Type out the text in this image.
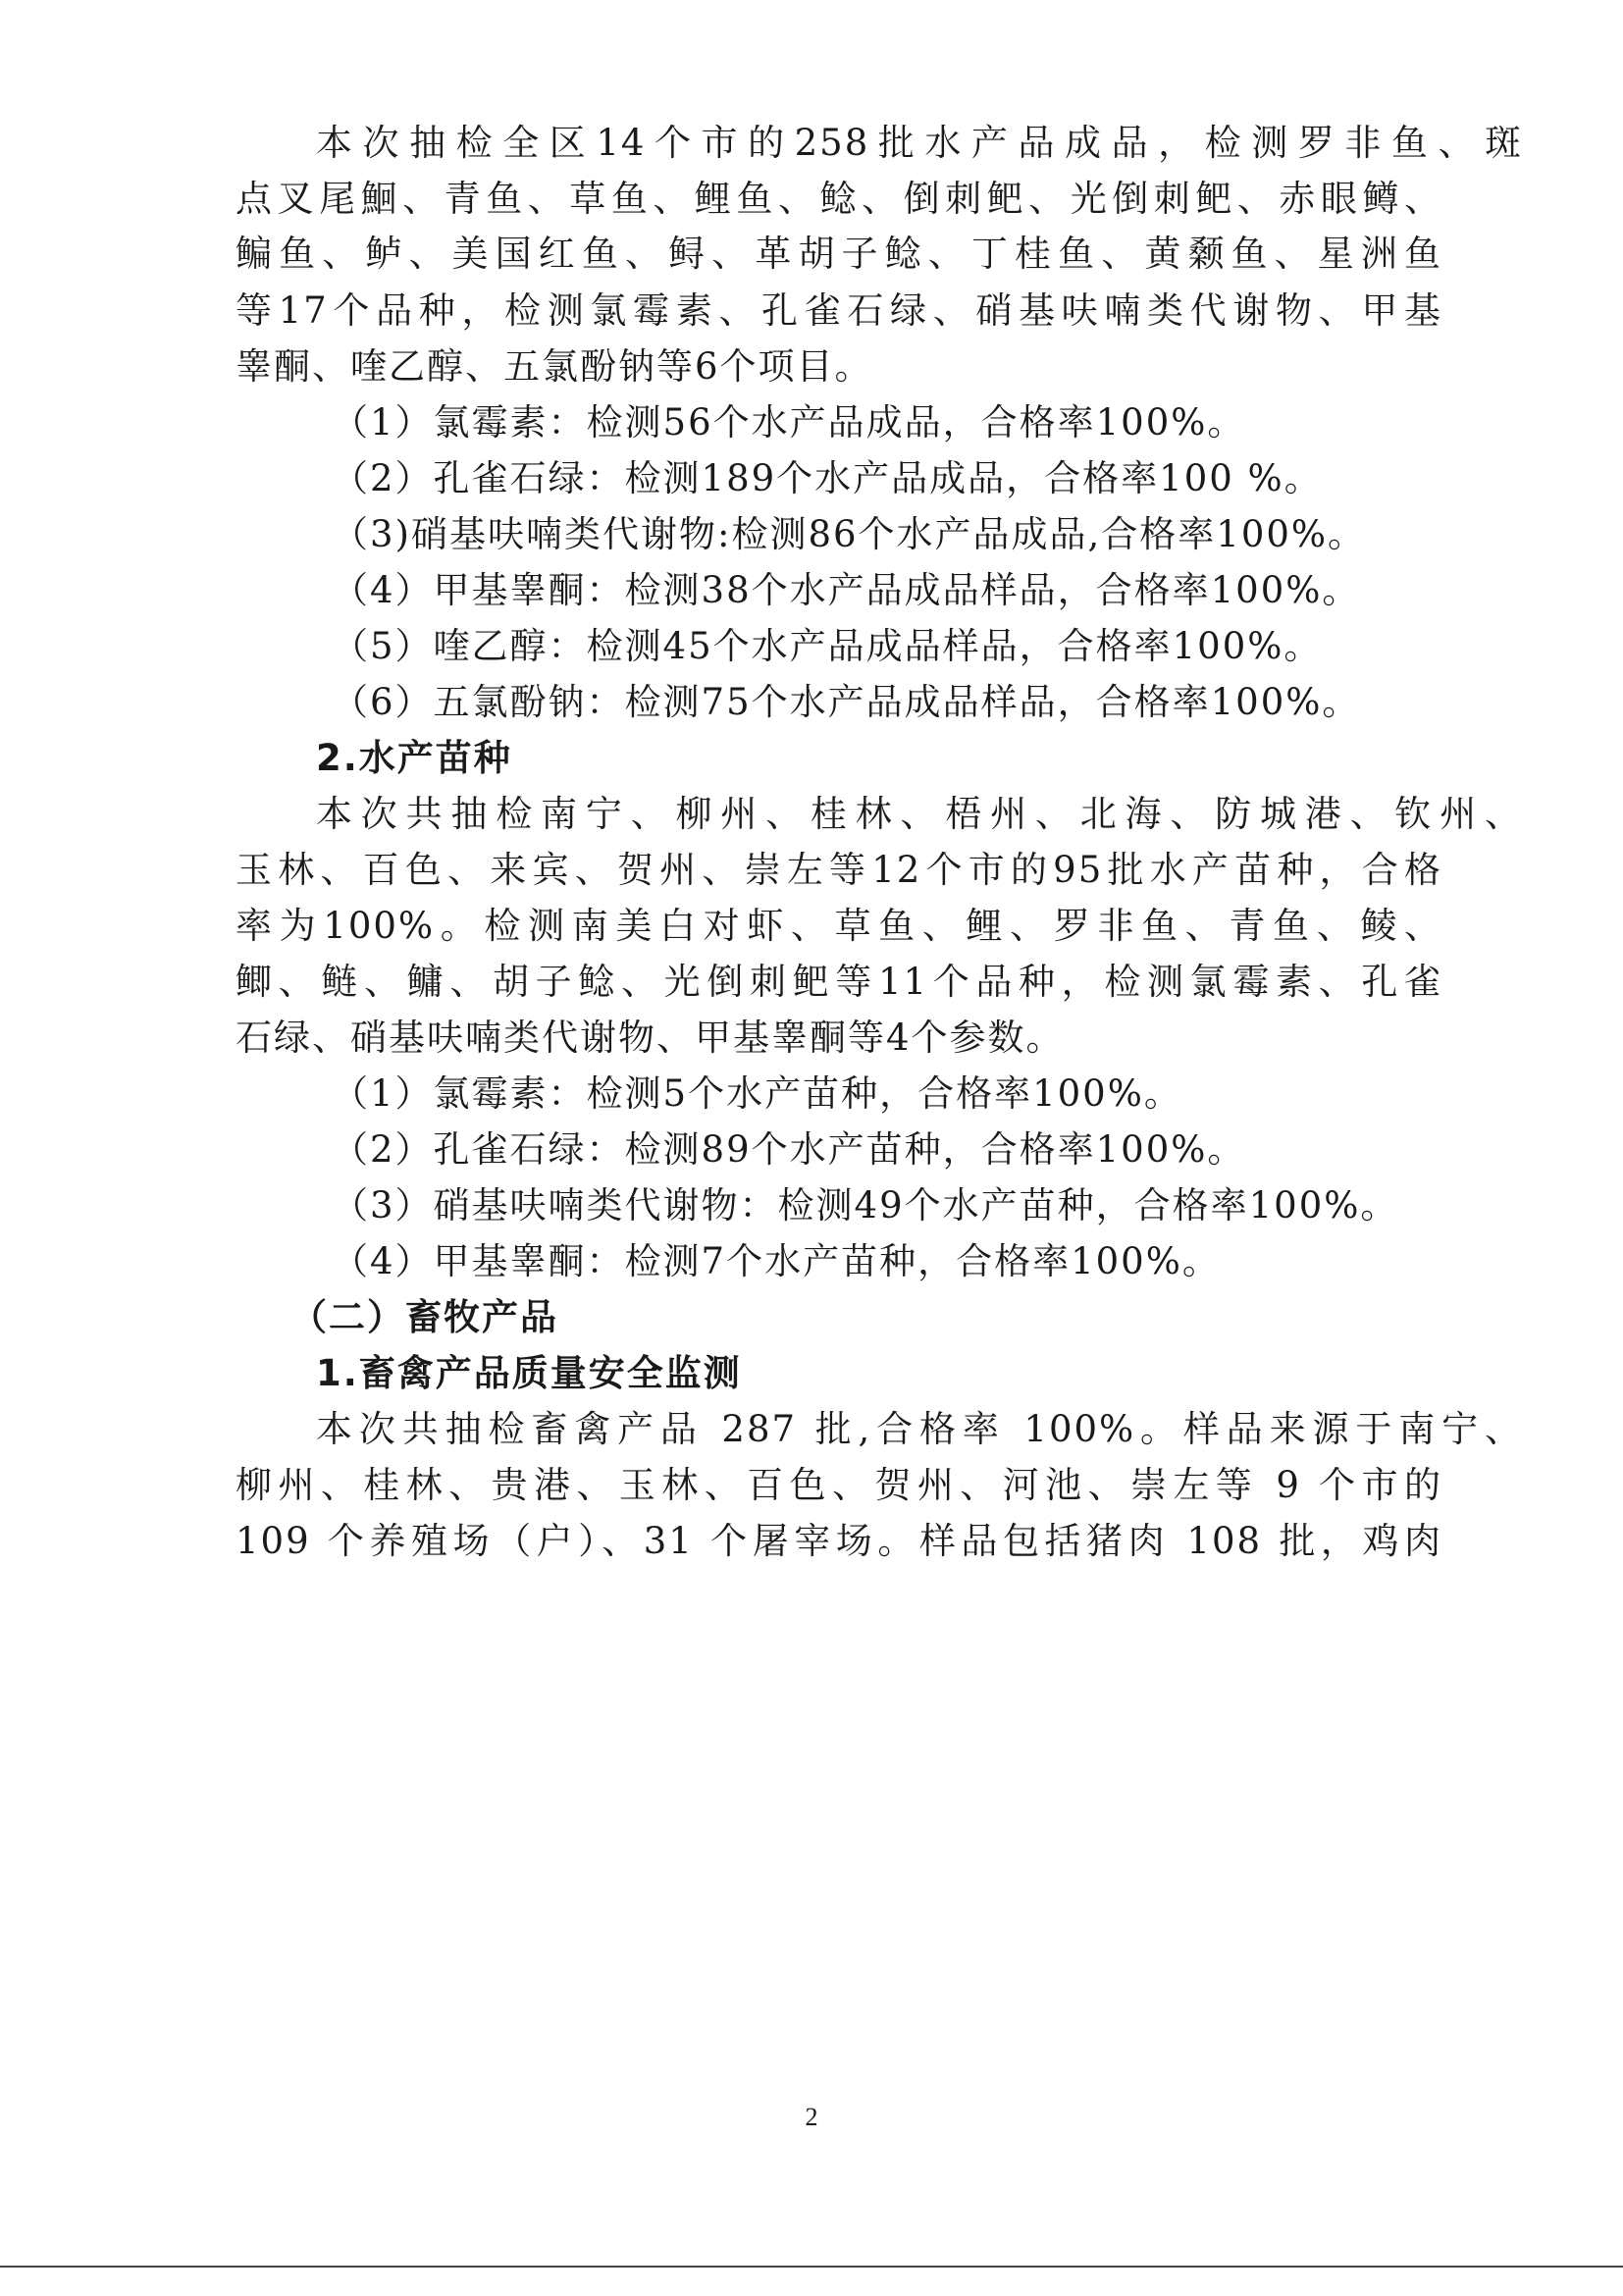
本次抽检全区14个市的258批水产品成品，检测罗非鱼、斑
点叉尾鮰、青鱼、草鱼、鲤鱼、鲶、倒刺鲃、光倒刺鲃、赤眼鳟、
鳊鱼、鲈、美国红鱼、鲟、革胡子鲶、丁桂鱼、黄颡鱼、星洲鱼
等17个品种，检测氯霉素、孔雀石绿、硝基呋喃类代谢物、甲基
睾酮、喹乙醇、五氯酚钠等6个项目。
（1）氯霉素：检测56个水产品成品，合格率100%。
（2）孔雀石绿：检测189个水产品成品，合格率100 %。
（3)硝基呋喃类代谢物:检测86个水产品成品,合格率100%。
（4）甲基睾酮：检测38个水产品成品样品，合格率100%。
（5）喹乙醇：检测45个水产品成品样品，合格率100%。
（6）五氯酚钠：检测75个水产品成品样品，合格率100%。
2.水产苗种
本次共抽检南宁、柳州、桂林、梧州、北海、防城港、钦州、
玉林、百色、来宾、贺州、崇左等12个市的95批水产苗种，合格
率为100%。检测南美白对虾、草鱼、鲤、罗非鱼、青鱼、鲮、
鲫、鲢、鳙、胡子鲶、光倒刺鲃等11个品种，检测氯霉素、孔雀
石绿、硝基呋喃类代谢物、甲基睾酮等4个参数。
（1）氯霉素：检测5个水产苗种，合格率100%。
（2）孔雀石绿：检测89个水产苗种，合格率100%。
（3）硝基呋喃类代谢物：检测49个水产苗种，合格率100%。
（4）甲基睾酮：检测7个水产苗种，合格率100%。
（二）畜牧产品
1.畜禽产品质量安全监测
本次共抽检畜禽产品 287 批,合格率 100%。样品来源于南宁、
柳州、桂林、贵港、玉林、百色、贺州、河池、崇左等 9 个市的
109 个养殖场（户）、31 个屠宰场。样品包括猪肉 108 批，鸡肉
2
